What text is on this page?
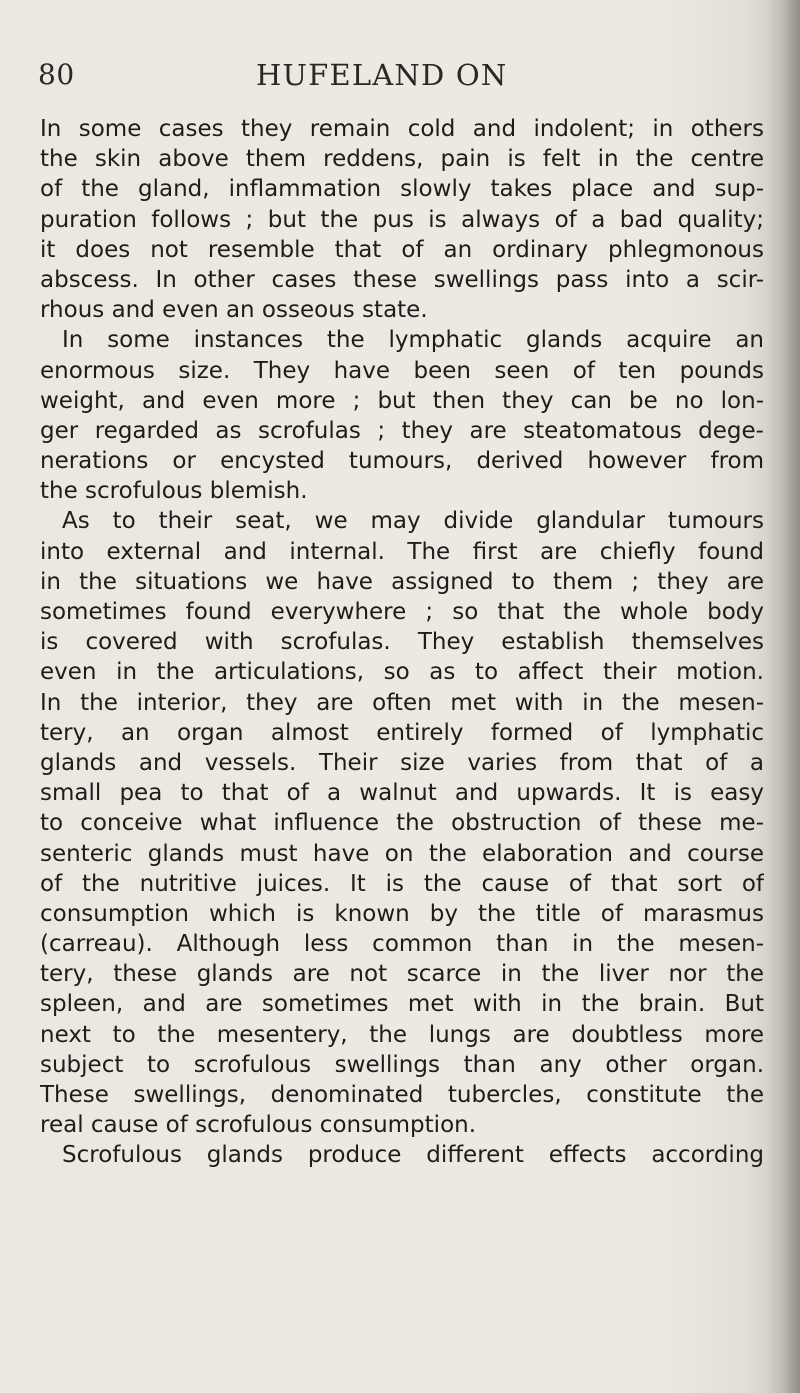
80	HUFELAND ON
In some cases they remain cold and indolent; in others
the skin above them reddens, pain is felt in the centre
of the gland, inflammation slowly takes place and sup-
puration follows ; but the pus is always of a bad quality;
it does not resemble that of an ordinary phlegmonous
abscess. In other cases these swellings pass into a scir-
rhous and even an osseous state.
In some instances the lymphatic glands acquire an
enormous size. They have been seen of ten pounds
weight, and even more ; but then they can be no lon-
ger regarded as scrofulas ; they are steatomatous dege-
nerations or encysted tumours, derived however from
the scrofulous blemish.
As to their seat, we may divide glandular tumours
into external and internal. The first are chiefly found
in the situations we have assigned to them ; they are
sometimes found everywhere ; so that the whole body
is covered with scrofulas. They establish themselves
even in the articulations, so as to affect their motion.
In the interior, they are often met with in the mesen-
tery, an organ almost entirely formed of lymphatic
glands and vessels. Their size varies from that of a
small pea to that of a walnut and upwards. It is easy
to conceive what influence the obstruction of these me-
senteric glands must have on the elaboration and course
of the nutritive juices. It is the cause of that sort of
consumption which is known by the title of marasmus
(carreau). Although less common than in the mesen-
tery, these glands are not scarce in the liver nor the
spleen, and are sometimes met with in the brain. But
next to the mesentery, the lungs are doubtless more
subject to scrofulous swellings than any other organ.
These swellings, denominated tubercles, constitute the
real cause of scrofulous consumption.
Scrofulous glands produce different effects according
